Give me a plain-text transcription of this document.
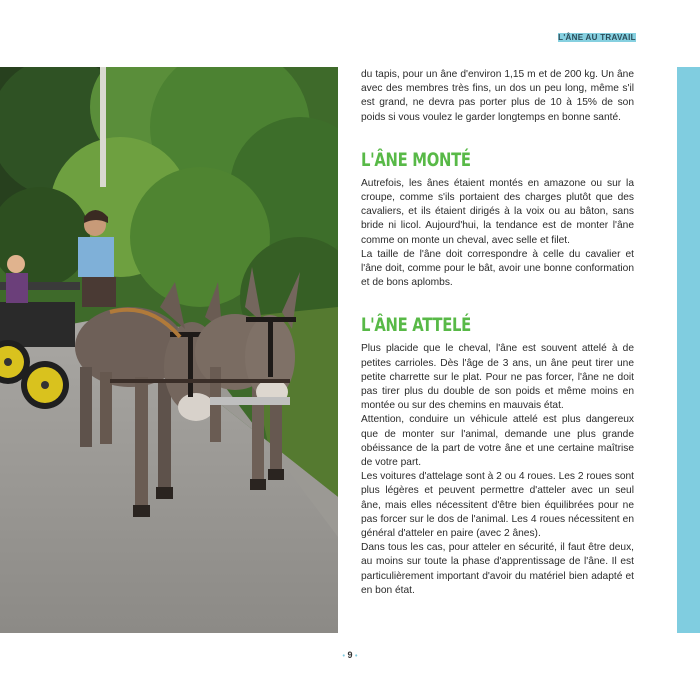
L'ÂNE AU TRAVAIL

du tapis, pour un âne d'environ 1,15 m et de 200 kg. Un âne avec des membres très fins, un dos un peu long, même s'il est grand, ne devra pas porter plus de 10 à 15% de son poids si vous voulez le garder longtemps en bonne santé.

L'ÂNE MONTÉ

Autrefois, les ânes étaient montés en amazone ou sur la croupe, comme s'ils portaient des charges plutôt que des cavaliers, et ils étaient dirigés à la voix ou au bâton, sans bride ni licol. Aujourd'hui, la tendance est de monter l'âne comme on monte un cheval, avec selle et filet.

La taille de l'âne doit correspondre à celle du cavalier et l'âne doit, comme pour le bât, avoir une bonne conformation et de bons aplombs.

L'ÂNE ATTELÉ

Plus placide que le cheval, l'âne est souvent attelé à de petites carrioles. Dès l'âge de 3 ans, un âne peut tirer une petite charrette sur le plat. Pour ne pas forcer, l'âne ne doit pas tirer plus du double de son poids et même moins en montée ou sur des chemins en mauvais état.

Attention, conduire un véhicule attelé est plus dangereux que de monter sur l'animal, demande une plus grande obéissance de la part de votre âne et une certaine maîtrise de votre part.

Les voitures d'attelage sont à 2 ou 4 roues. Les 2 roues sont plus légères et peuvent permettre d'atteler avec un seul âne, mais elles nécessitent d'être bien équilibrées pour ne pas forcer sur le dos de l'animal. Les 4 roues nécessitent en général d'atteler en paire (avec 2 ânes).

Dans tous les cas, pour atteler en sécurité, il faut être deux, au moins sur toute la phase d'apprentissage de l'âne. Il est particulièrement important d'avoir du matériel bien adapté et en bon état.

• 9 •
